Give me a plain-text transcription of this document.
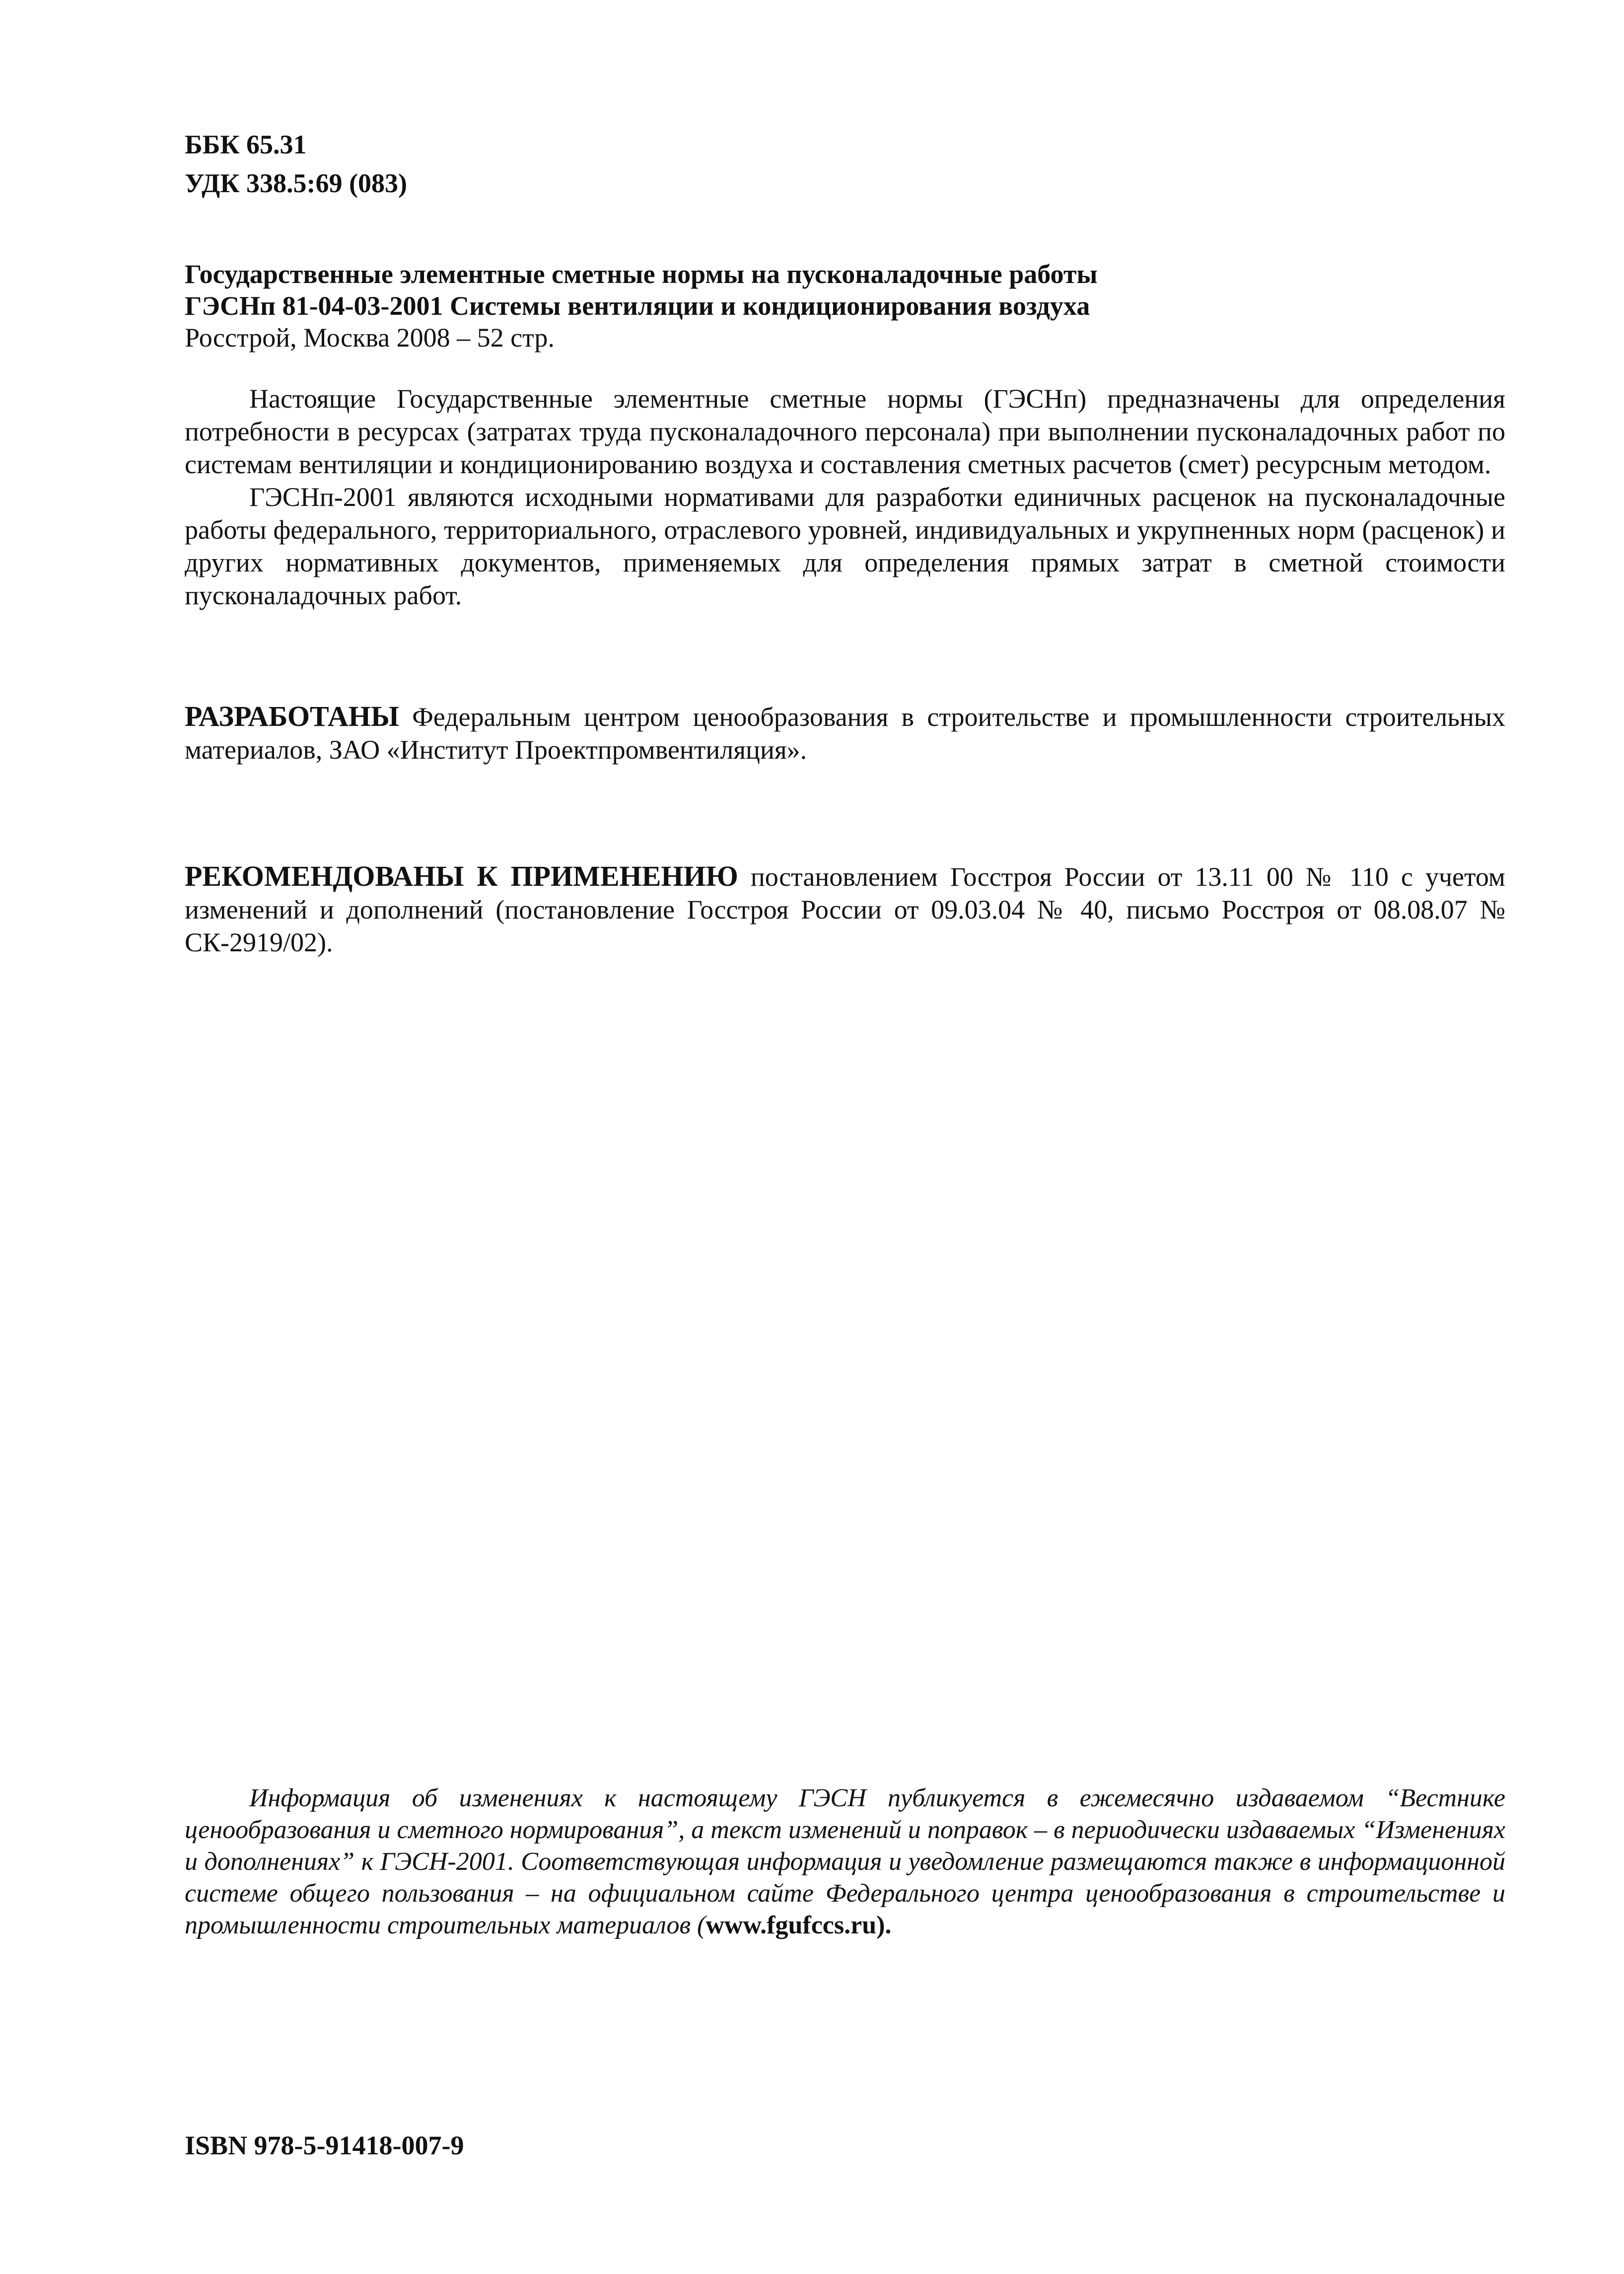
ББК 65.31
УДК 338.5:69 (083)
Государственные элементные сметные нормы на пусконаладочные работы
ГЭСНп 81-04-03-2001 Системы вентиляции и кондиционирования воздуха
Росстрой, Москва 2008 – 52 стр.

Настоящие Государственные элементные сметные нормы (ГЭСНп) предназначены для определения потребности в ресурсах (затратах труда пусконаладочного персонала) при выполнении пусконаладочных работ по системам вентиляции и кондиционированию воздуха и составления сметных расчетов (смет) ресурсным методом.

ГЭСНп-2001 являются исходными нормативами для разработки единичных расценок на пусконаладочные работы федерального, территориального, отраслевого уровней, индивидуальных и укрупненных норм (расценок) и других нормативных документов, применяемых для определения прямых затрат в сметной стоимости пусконаладочных работ.

РАЗРАБОТАНЫ Федеральным центром ценообразования в строительстве и промышленности строительных материалов, ЗАО «Институт Проектпромвентиляция».
РЕКОМЕНДОВАНЫ К ПРИМЕНЕНИЮ постановлением Госстроя России от 13.11 00 № 110 с учетом изменений и дополнений (постановление Госстроя России от 09.03.04 № 40, письмо Росстроя от 08.08.07 № СК-2919/02).

Информация об изменениях к настоящему ГЭСН публикуется в ежемесячно издаваемом “Вестнике ценообразования и сметного нормирования”, а текст изменений и поправок – в периодически издаваемых “Изменениях и дополнениях” к ГЭСН-2001. Соответствующая информация и уведомление размещаются также в информационной системе общего пользования – на официальном сайте Федерального центра ценообразования в строительстве и промышленности строительных материалов (www.fgufccs.ru).

ISBN 978-5-91418-007-9
